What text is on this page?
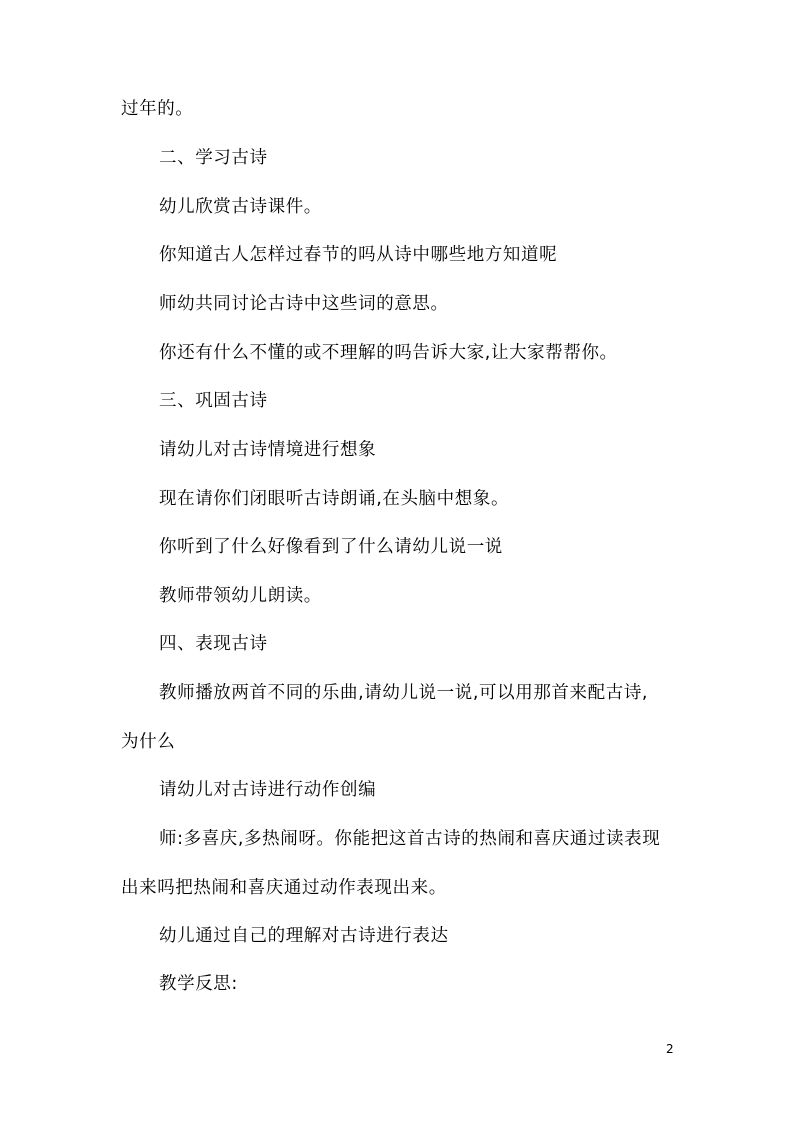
过年的。
二、学习古诗
幼儿欣赏古诗课件。
你知道古人怎样过春节的吗从诗中哪些地方知道呢
师幼共同讨论古诗中这些词的意思。
你还有什么不懂的或不理解的吗告诉大家,让大家帮帮你。
三、巩固古诗
请幼儿对古诗情境进行想象
现在请你们闭眼听古诗朗诵,在头脑中想象。
你听到了什么好像看到了什么请幼儿说一说
教师带领幼儿朗读。
四、表现古诗
教师播放两首不同的乐曲,请幼儿说一说,可以用那首来配古诗,
为什么
请幼儿对古诗进行动作创编
师:多喜庆,多热闹呀。你能把这首古诗的热闹和喜庆通过读表现
出来吗把热闹和喜庆通过动作表现出来。
幼儿通过自己的理解对古诗进行表达
教学反思:
2
